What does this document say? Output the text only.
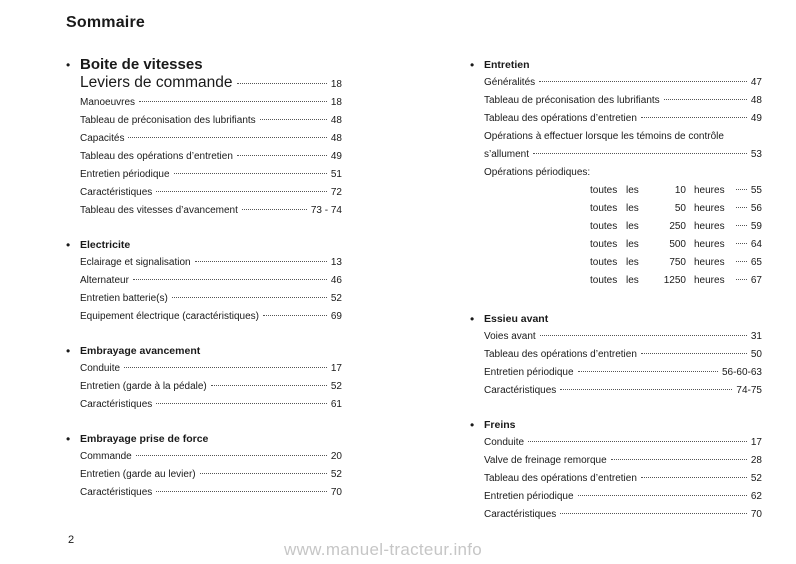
Sommaire
• Boite de vitesses
Leviers de commande	18
Manoeuvres	18
Tableau de préconisation des lubrifiants	48
Capacités	48
Tableau des opérations d’entretien	49
Entretien périodique	51
Caractéristiques	72
Tableau des vitesses d’avancement	73 - 74
• Electricite
Eclairage et signalisation	13
Alternateur	46
Entretien batterie(s)	52
Equipement électrique (caractéristiques)	69
• Embrayage avancement
Conduite	17
Entretien (garde à la pédale)	52
Caractéristiques	61
• Embrayage prise de force
Commande	20
Entretien (garde au levier)	52
Caractéristiques	70
• Entretien
Généralités	47
Tableau de préconisation des lubrifiants	48
Tableau des opérations d’entretien	49
Opérations à effectuer lorsque les témoins de contrôle
s’allument	53
Opérations périodiques:
toutes les	10 heures	55
toutes les	50 heures	56
toutes les	250 heures	59
toutes les	500 heures	64
toutes les	750 heures	65
toutes les	1250 heures	67
• Essieu avant
Voies avant	31
Tableau des opérations d’entretien	50
Entretien périodique	56-60-63
Caractéristiques	74-75
• Freins
Conduite	17
Valve de freinage remorque	28
Tableau des opérations d’entretien	52
Entretien périodique	62
Caractéristiques	70
2	www.manuel-tracteur.info
